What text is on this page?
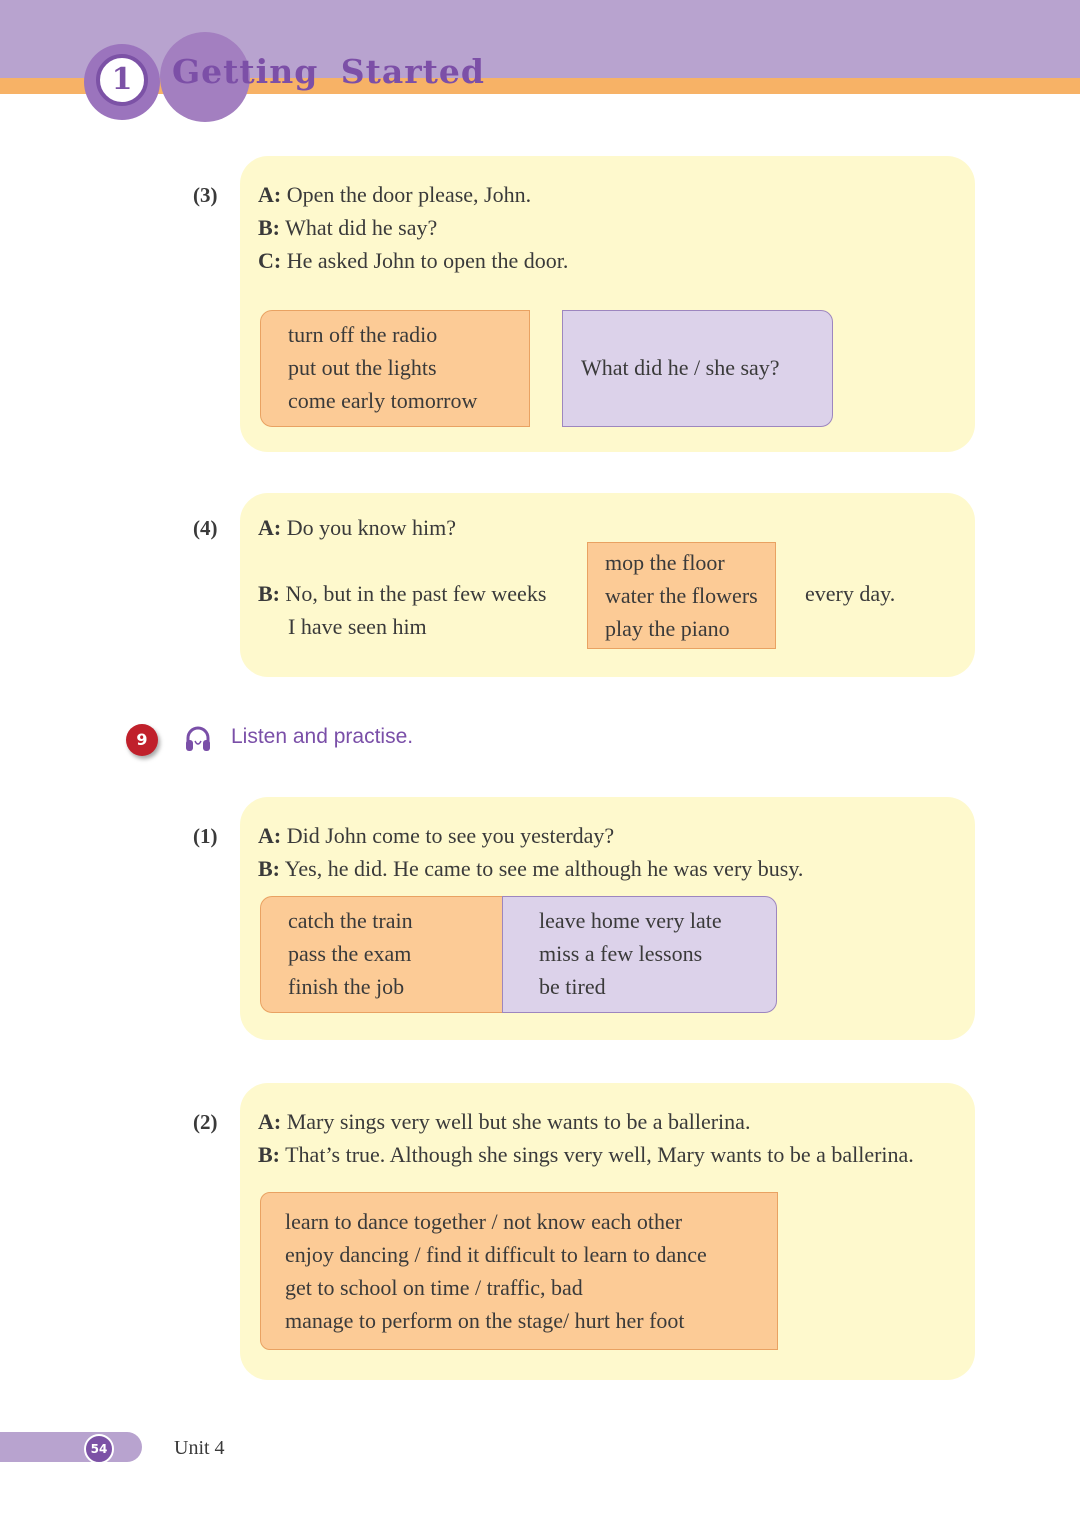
1	Getting Started
(3) A: Open the door please, John.
B: What did he say?
C: He asked John to open the door.
turn off the radio
put out the lights
come early tomorrow
What did he / she say?
(4) A: Do you know him?
B: No, but in the past few weeks
I have seen him
mop the floor
water the flowers
play the piano
every day.
9	Listen and practise.
(1) A: Did John come to see you yesterday?
B: Yes, he did. He came to see me although he was very busy.
catch the train
pass the exam
finish the job
leave home very late
miss a few lessons
be tired
(2) A: Mary sings very well but she wants to be a ballerina.
B: That’s true. Although she sings very well, Mary wants to be a ballerina.
learn to dance together / not know each other
enjoy dancing / find it difficult to learn to dance
get to school on time / traffic, bad
manage to perform on the stage/ hurt her foot
54	Unit 4
